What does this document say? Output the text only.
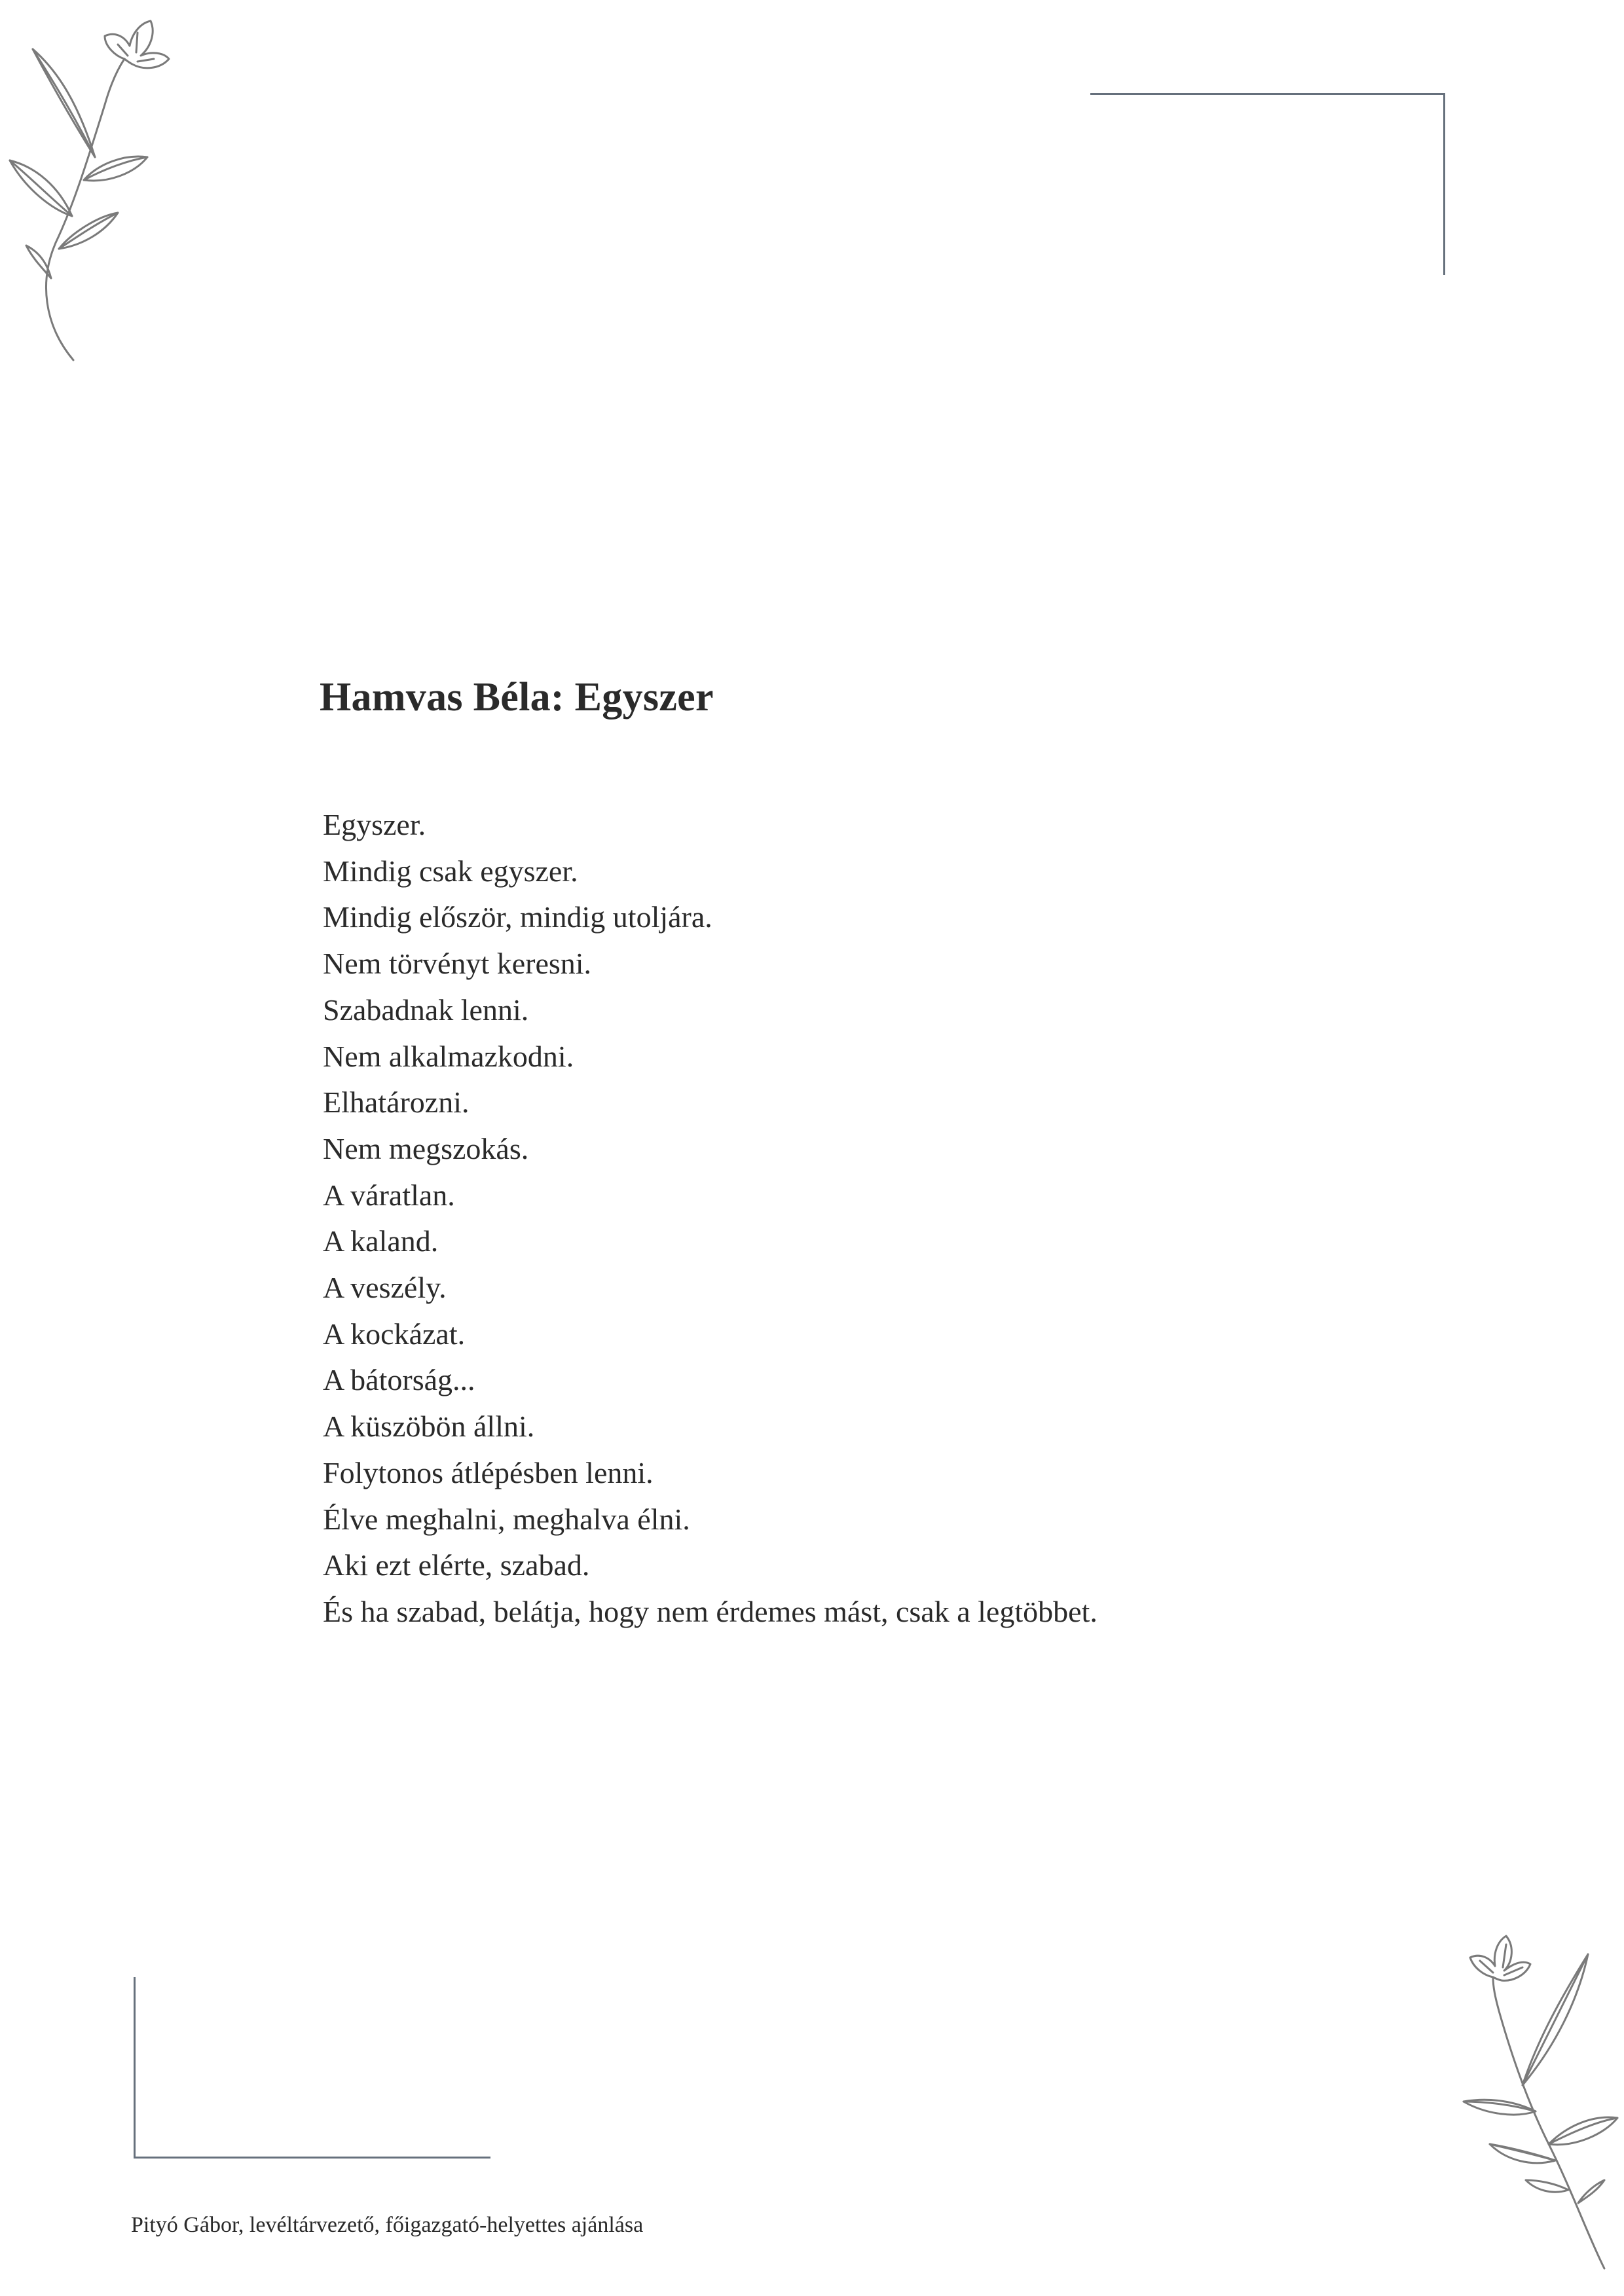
Hamvas Béla: Egyszer
Egyszer.
Mindig csak egyszer.
Mindig először, mindig utoljára.
Nem törvényt keresni.
Szabadnak lenni.
Nem alkalmazkodni.
Elhatározni.
Nem megszokás.
A váratlan.
A kaland.
A veszély.
A kockázat.
A bátorság...
A küszöbön állni.
Folytonos átlépésben lenni.
Élve meghalni, meghalva élni.
Aki ezt elérte, szabad.
És ha szabad, belátja, hogy nem érdemes mást, csak a legtöbbet.

Pityó Gábor, levéltárvezető, főigazgató-helyettes ajánlása
